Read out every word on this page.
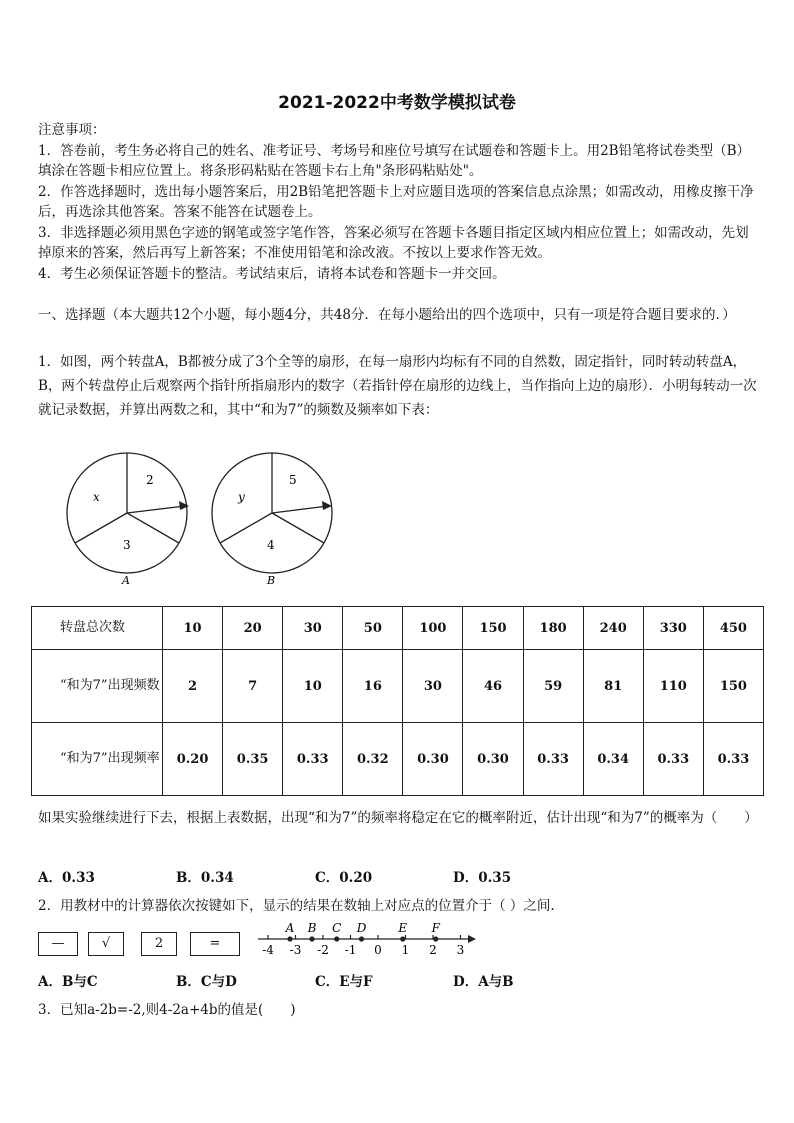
2021-2022中考数学模拟试卷

注意事项：

1．答卷前，考生务必将自己的姓名、准考证号、考场号和座位号填写在试题卷和答题卡上。用2B铅笔将试卷类型（B）填涂在答题卡相应位置上。将条形码粘贴在答题卡右上角"条形码粘贴处"。

2．作答选择题时，选出每小题答案后，用2B铅笔把答题卡上对应题目选项的答案信息点涂黑；如需改动，用橡皮擦干净后，再选涂其他答案。答案不能答在试题卷上。

3．非选择题必须用黑色字迹的钢笔或签字笔作答，答案必须写在答题卡各题目指定区域内相应位置上；如需改动，先划掉原来的答案，然后再写上新答案；不准使用铅笔和涂改液。不按以上要求作答无效。

4．考生必须保证答题卡的整洁。考试结束后，请将本试卷和答题卡一并交回。

一、选择题（本大题共12个小题，每小题4分，共48分．在每小题给出的四个选项中，只有一项是符合题目要求的．）
1．如图，两个转盘A，B都被分成了3个全等的扇形，在每一扇形内均标有不同的自然数，固定指针，同时转动转盘A，B，两个转盘停止后观察两个指针所指扇形内的数字（若指针停在扇形的边线上，当作指向上边的扇形）．小明每转动一次就记录数据，并算出两数之和，其中“和为7”的频数及频率如下表：
2
x
3
A
5
y
4
B
转盘总次数	10	20	30	50	100	150	180	240	330	450
“和为7”出现频数	2	7	10	16	30	46	59	81	110	150
“和为7”出现频率	0.20	0.35	0.33	0.32	0.30	0.30	0.33	0.34	0.33	0.33
如果实验继续进行下去，根据上表数据，出现“和为7”的频率将稳定在它的概率附近，估计出现“和为7”的概率为（　　）
A．0.33	B．0.34	C．0.20	D．0.35
2．用教材中的计算器依次按键如下，显示的结果在数轴上对应点的位置介于（ ）之间.
—	√	2	=	-4 -3 -2 -1 0 1 2 3
A B C D	E F
A．B与C	B．C与D	C．E与F	D．A与B
3．已知a-2b=-2,则4-2a+4b的值是(　　)
